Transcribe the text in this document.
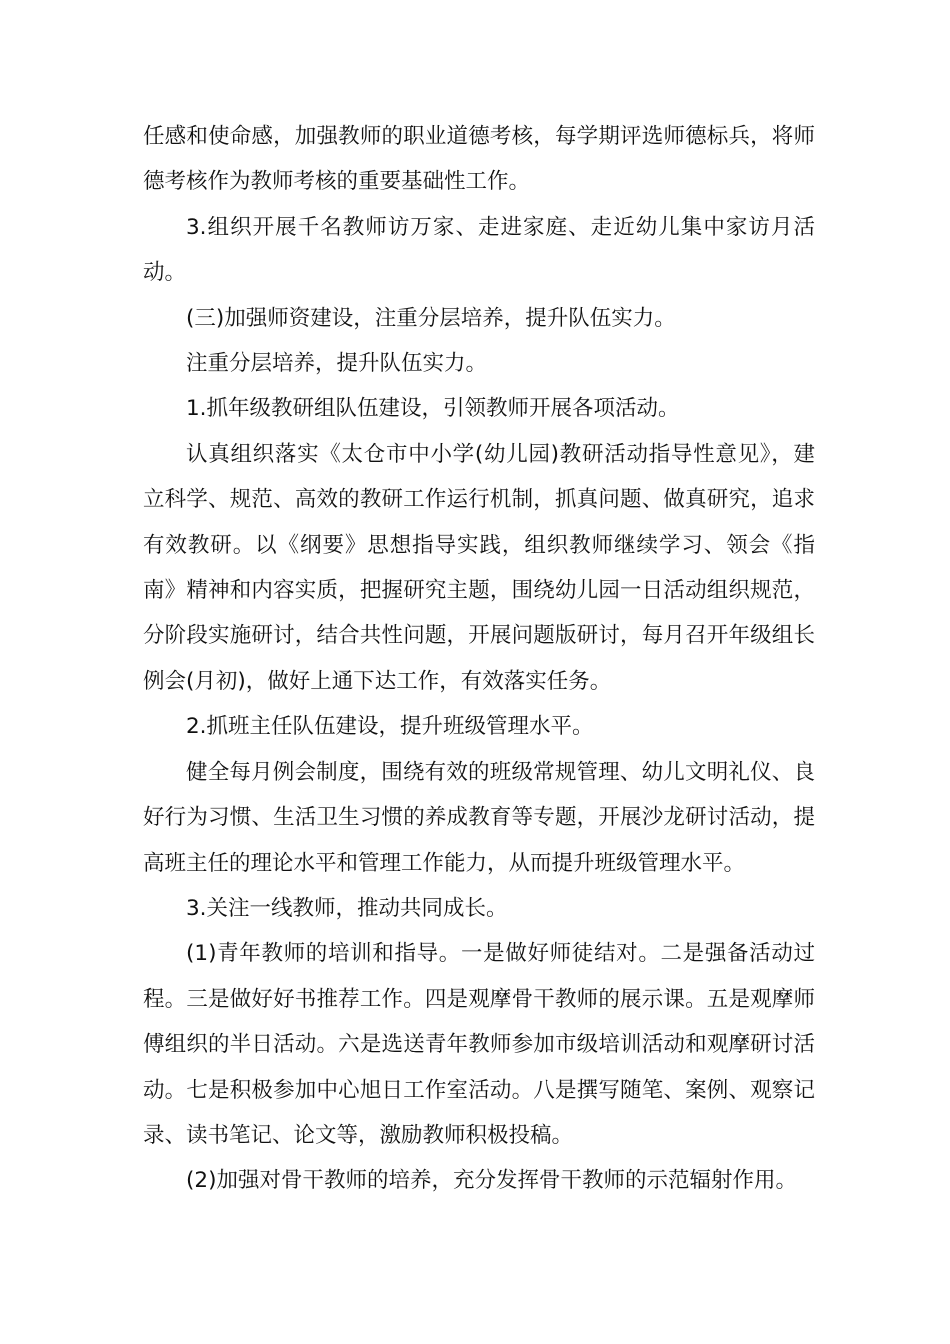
任感和使命感，加强教师的职业道德考核，每学期评选师德标兵，将师德考核作为教师考核的重要基础性工作。

3.组织开展千名教师访万家、走进家庭、走近幼儿集中家访月活动。

(三)加强师资建设，注重分层培养，提升队伍实力。

注重分层培养，提升队伍实力。

1.抓年级教研组队伍建设，引领教师开展各项活动。

认真组织落实《太仓市中小学(幼儿园)教研活动指导性意见》，建立科学、规范、高效的教研工作运行机制，抓真问题、做真研究，追求有效教研。以《纲要》思想指导实践，组织教师继续学习、领会《指南》精神和内容实质，把握研究主题，围绕幼儿园一日活动组织规范，分阶段实施研讨，结合共性问题，开展问题版研讨，每月召开年级组长例会(月初)，做好上通下达工作，有效落实任务。

2.抓班主任队伍建设，提升班级管理水平。

健全每月例会制度，围绕有效的班级常规管理、幼儿文明礼仪、良好行为习惯、生活卫生习惯的养成教育等专题，开展沙龙研讨活动，提高班主任的理论水平和管理工作能力，从而提升班级管理水平。

3.关注一线教师，推动共同成长。

(1)青年教师的培训和指导。一是做好师徒结对。二是强备活动过程。三是做好好书推荐工作。四是观摩骨干教师的展示课。五是观摩师傅组织的半日活动。六是选送青年教师参加市级培训活动和观摩研讨活动。七是积极参加中心旭日工作室活动。八是撰写随笔、案例、观察记录、读书笔记、论文等，激励教师积极投稿。

(2)加强对骨干教师的培养，充分发挥骨干教师的示范辐射作用。
